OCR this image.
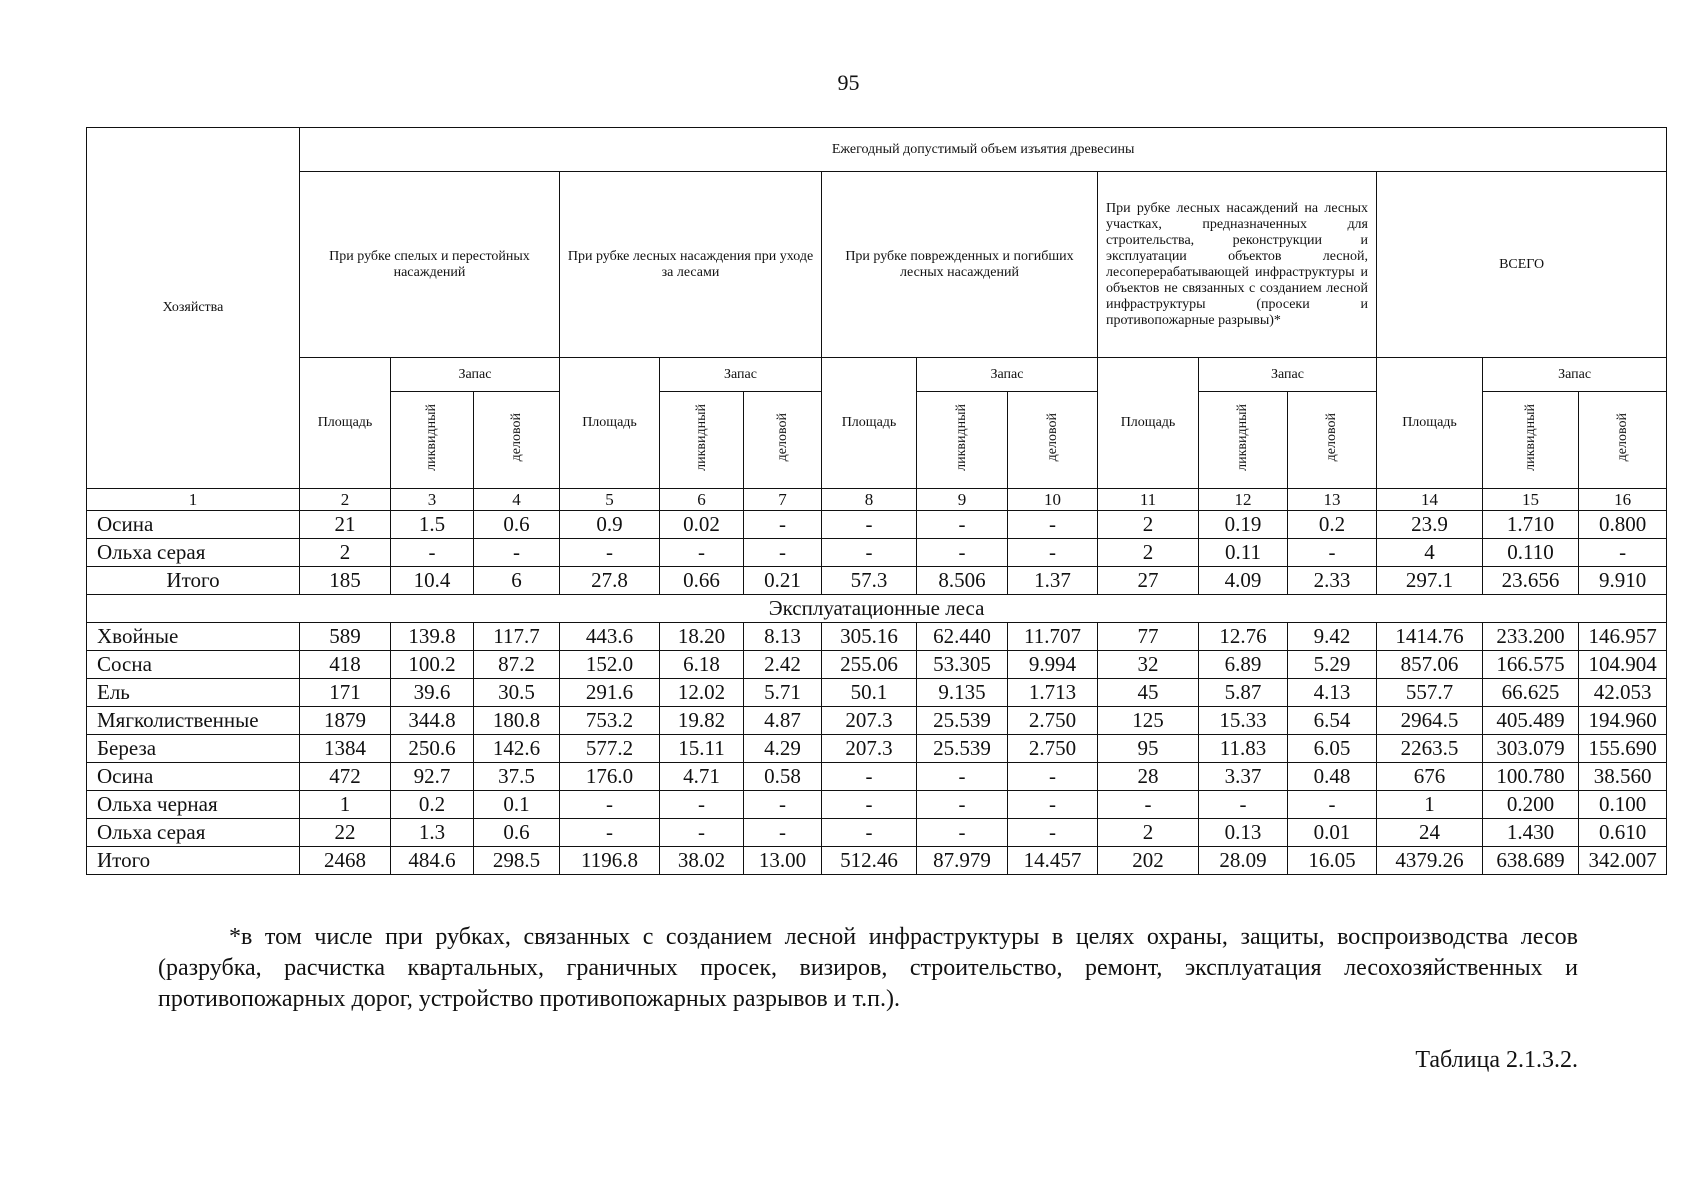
95
Хозяйства	Ежегодный допустимый объем изъятия древесины														
	При рубке спелых и перестойных насаждений			При рубке лесных насаждения при уходе за лесами			При рубке поврежденных и погибших лесных насаждений			При рубке лесных насаждений на лесных участках, предназначенных для строительства, реконструкции и эксплуатации объектов лесной, лесоперерабатывающей инфраструктуры и объектов не связанных с созданием лесной инфраструктуры (просеки и противопожарные разрывы)*			ВСЕГО		
	Площадь	Запас		Площадь	Запас		Площадь	Запас		Площадь	Запас		Площадь	Запас	
		ликвидный	деловой		ликвидный	деловой		ликвидный	деловой		ликвидный	деловой		ликвидный	деловой
1	2	3	4	5	6	7	8	9	10	11	12	13	14	15	16
Осина	21	1.5	0.6	0.9	0.02	-	-	-	-	2	0.19	0.2	23.9	1.710	0.800
Ольха серая	2	-	-	-	-	-	-	-	-	2	0.11	-	4	0.110	-
Итого	185	10.4	6	27.8	0.66	0.21	57.3	8.506	1.37	27	4.09	2.33	297.1	23.656	9.910
Эксплуатационные леса															
Хвойные	589	139.8	117.7	443.6	18.20	8.13	305.16	62.440	11.707	77	12.76	9.42	1414.76	233.200	146.957
Сосна	418	100.2	87.2	152.0	6.18	2.42	255.06	53.305	9.994	32	6.89	5.29	857.06	166.575	104.904
Ель	171	39.6	30.5	291.6	12.02	5.71	50.1	9.135	1.713	45	5.87	4.13	557.7	66.625	42.053
Мягколиственные	1879	344.8	180.8	753.2	19.82	4.87	207.3	25.539	2.750	125	15.33	6.54	2964.5	405.489	194.960
Береза	1384	250.6	142.6	577.2	15.11	4.29	207.3	25.539	2.750	95	11.83	6.05	2263.5	303.079	155.690
Осина	472	92.7	37.5	176.0	4.71	0.58	-	-	-	28	3.37	0.48	676	100.780	38.560
Ольха черная	1	0.2	0.1	-	-	-	-	-	-	-	-	-	1	0.200	0.100
Ольха серая	22	1.3	0.6	-	-	-	-	-	-	2	0.13	0.01	24	1.430	0.610
Итого	2468	484.6	298.5	1196.8	38.02	13.00	512.46	87.979	14.457	202	28.09	16.05	4379.26	638.689	342.007
*в том числе при рубках, связанных с созданием лесной инфраструктуры в целях охраны, защиты, воспроизводства лесов (разрубка, расчистка квартальных, граничных просек, визиров, строительство, ремонт, эксплуатация лесохозяйственных и противопожарных дорог, устройство противопожарных разрывов и т.п.).
Таблица 2.1.3.2.
